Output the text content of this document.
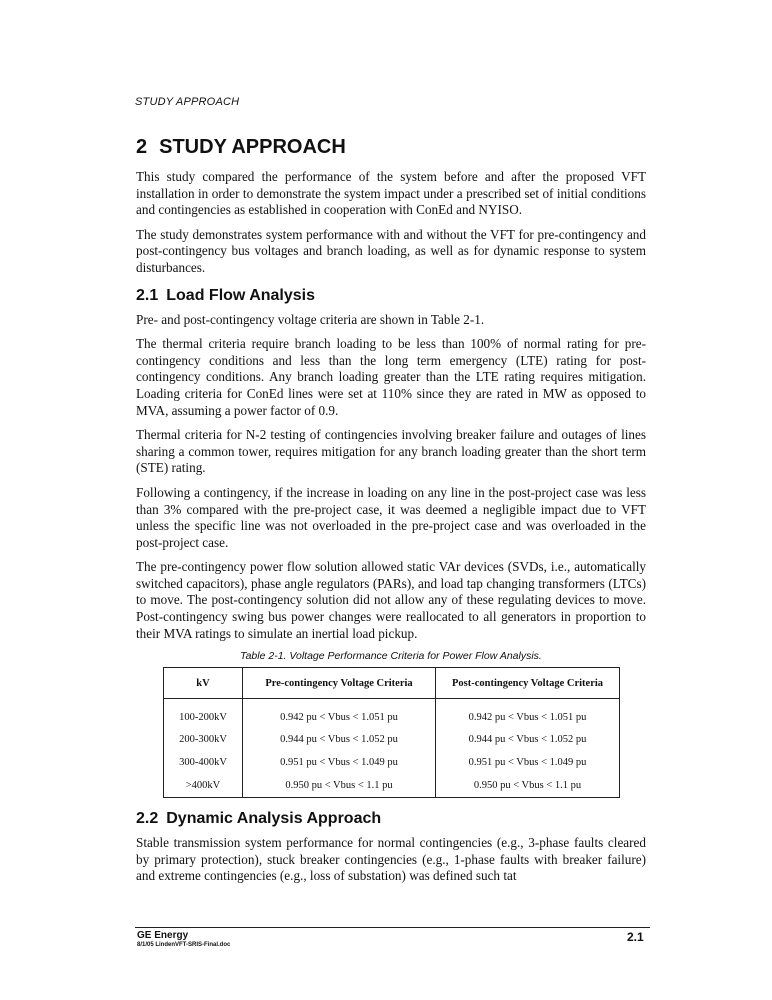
STUDY APPROACH
2 STUDY APPROACH

This study compared the performance of the system before and after the proposed VFT installation in order to demonstrate the system impact under a prescribed set of initial conditions and contingencies as established in cooperation with ConEd and NYISO.

The study demonstrates system performance with and without the VFT for pre-contingency and post-contingency bus voltages and branch loading, as well as for dynamic response to system disturbances.

2.1 Load Flow Analysis

Pre- and post-contingency voltage criteria are shown in Table 2-1.

The thermal criteria require branch loading to be less than 100% of normal rating for pre-contingency conditions and less than the long term emergency (LTE) rating for post-contingency conditions. Any branch loading greater than the LTE rating requires mitigation. Loading criteria for ConEd lines were set at 110% since they are rated in MW as opposed to MVA, assuming a power factor of 0.9.

Thermal criteria for N-2 testing of contingencies involving breaker failure and outages of lines sharing a common tower, requires mitigation for any branch loading greater than the short term (STE) rating.

Following a contingency, if the increase in loading on any line in the post-project case was less than 3% compared with the pre-project case, it was deemed a negligible impact due to VFT unless the specific line was not overloaded in the pre-project case and was overloaded in the post-project case.

The pre-contingency power flow solution allowed static VAr devices (SVDs, i.e., automatically switched capacitors), phase angle regulators (PARs), and load tap changing transformers (LTCs) to move. The post-contingency solution did not allow any of these regulating devices to move. Post-contingency swing bus power changes were reallocated to all generators in proportion to their MVA ratings to simulate an inertial load pickup.

Table 2-1. Voltage Performance Criteria for Power Flow Analysis.
kV	Pre-contingency Voltage Criteria	Post-contingency Voltage Criteria
100-200kV	0.942 pu < Vbus < 1.051 pu	0.942 pu < Vbus < 1.051 pu
200-300kV	0.944 pu < Vbus < 1.052 pu	0.944 pu < Vbus < 1.052 pu
300-400kV	0.951 pu < Vbus < 1.049 pu	0.951 pu < Vbus < 1.049 pu
>400kV	0.950 pu < Vbus < 1.1 pu	0.950 pu < Vbus < 1.1 pu
2.2 Dynamic Analysis Approach

Stable transmission system performance for normal contingencies (e.g., 3-phase faults cleared by primary protection), stuck breaker contingencies (e.g., 1-phase faults with breaker failure) and extreme contingencies (e.g., loss of substation) was defined such tat

GE Energy
8/1/05 LindenVFT-SRIS-Final.doc
2.1
